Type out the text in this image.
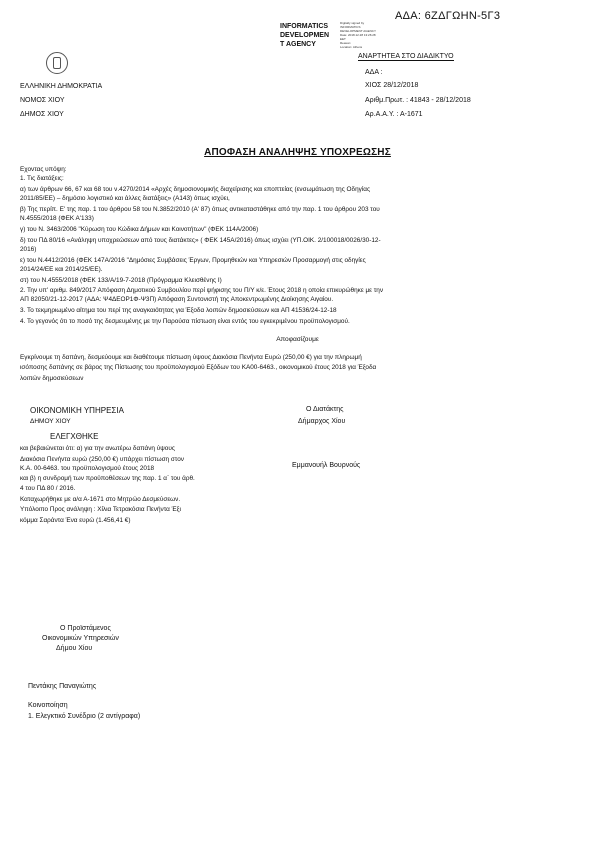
ΑΔΑ: 6ΖΔΓΩΗΝ-5Γ3
INFORMATICS
DEVELOPMEN
T AGENCY
Digitally signed by
INFORMATICS
DEVELOPMENT AGENCY
Date: 2018.12.28 13:26:28
EET
Reason:
Location: Athens
ΑΝΑΡΤΗΤΕΑ ΣΤΟ ΔΙΑΔΙΚΤΥΟ
ΑΔΑ :
ΧΙΟΣ 28/12/2018
Αριθμ.Πρωτ. : 41843 - 28/12/2018
Αρ.Α.Α.Υ. : Α-1671
ΕΛΛΗΝΙΚΗ ΔΗΜΟΚΡΑΤΙΑ
ΝΟΜΟΣ ΧΙΟΥ
ΔΗΜΟΣ ΧΙΟΥ
ΑΠΟΦΑΣΗ ΑΝΑΛΗΨΗΣ ΥΠΟΧΡΕΩΣΗΣ
Εχοντας υπόψη:
1. Τις διατάξεις:
α) των άρθρων 66, 67 και 68 του ν.4270/2014 «Αρχές δημοσιονομικής διαχείρισης και εποπτείας (ενσωμάτωση της Οδηγίας
2011/85/ΕΕ) – δημόσιο λογιστικό και άλλες διατάξεις» (Α143) όπως ισχύει,
β) Της περίπ. Ε' της παρ. 1 του άρθρου 58 του Ν.3852/2010 (Α' 87) όπως αντικαταστάθηκε από την παρ. 1 του άρθρου 203 του
Ν.4555/2018 (ΦΕΚ Α'133)
γ) του Ν. 3463/2006 "Κύρωση του Κώδικα Δήμων και Κοινοτήτων" (ΦΕΚ 114Α/2006)
δ) του ΠΔ 80/16 «Ανάληψη υποχρεώσεων από τους διατάκτες» ( ΦΕΚ 145Α/2016) όπως ισχύει (ΥΠ.ΟΙΚ. 2/100018/0026/30-12-
2016)
ε) του Ν.4412/2016 (ΦΕΚ 147Α/2016 "Δημόσιες Συμβάσεις Έργων, Προμηθειών και Υπηρεσιών Προσαρμογή στις οδηγίες
2014/24/ΕΕ και 2014/25/ΕΕ).
στ) του Ν.4555/2018 (ΦΕΚ 133/Α/19-7-2018 (Πρόγραμμα Κλεισθένης Ι)
2. Την υπ' αριθμ. 849/2017 Απόφαση Δημοτικού Συμβουλίου περί ψήφισης του Π/Υ κ/ε. Έτους 2018 η οποία επικυρώθηκε με την
ΑΠ 82050/21-12-2017 (ΑΔΑ: Ψ4ΔΕΟΡ1Φ-Ψ3Π) Απόφαση Συντονιστή της Αποκεντρωμένης Διοίκησης Αιγαίου.
3. Το τεκμηριωμένο αίτημα του περί της αναγκαιότητας για Έξοδα λοιπών δημοσιεύσεων και ΑΠ 41536/24-12-18
4. Το γεγονός ότι το ποσό της δεσμευμένης με την Παρούσα πίστωση είναι εντός του εγκεκριμένου προϋπολογισμού.
Αποφασίζουμε
Εγκρίνουμε τη δαπάνη, δεσμεύουμε και διαθέτουμε πίστωση ύψους Διακόσια Πενήντα Ευρώ (250,00 €) για την πληρωμή
ισόποσης δαπάνης σε βάρος της Πίστωσης του προϋπολογισμού Εξόδων του ΚΑ00-6463., οικονομικού έτους 2018 για Έξοδα
λοιπών δημοσιεύσεων
ΟΙΚΟΝΟΜΙΚΗ ΥΠΗΡΕΣΙΑ
ΔΗΜΟΥ ΧΙΟΥ
Ο Διατάκτης
Δήμαρχος Χίου
ΕΛΕΓΧΘΗΚΕ
και βεβαιώνεται ότι: α) για την ανωτέρω δαπάνη ύψους
Διακόσια Πενήντα ευρώ (250,00 €) υπάρχει πίστωση στον
Κ.Α. 00-6463. του προϋπολογισμού έτους 2018
και β) η συνδρομή των προϋποθέσεων της παρ. 1 α΄ του άρθ.
4 του ΠΔ 80 / 2016.
Καταχωρήθηκε με α/α Α-1671 στο Μητρώο Δεσμεύσεων.
Υπόλοιπο Προς ανάληψη : Χίλια Τετρακόσια Πενήντα Έξι
κόμμα Σαράντα Ένα ευρώ (1.456,41 €)
Εμμανουήλ Βουρνούς
Ο Προϊστάμενος
Οικονομικών Υπηρεσιών
Δήμου Χίου
Πεντάκης Παναγιώτης
Κοινοποίηση
1. Ελεγκτικό Συνέδριο (2 αντίγραφα)
